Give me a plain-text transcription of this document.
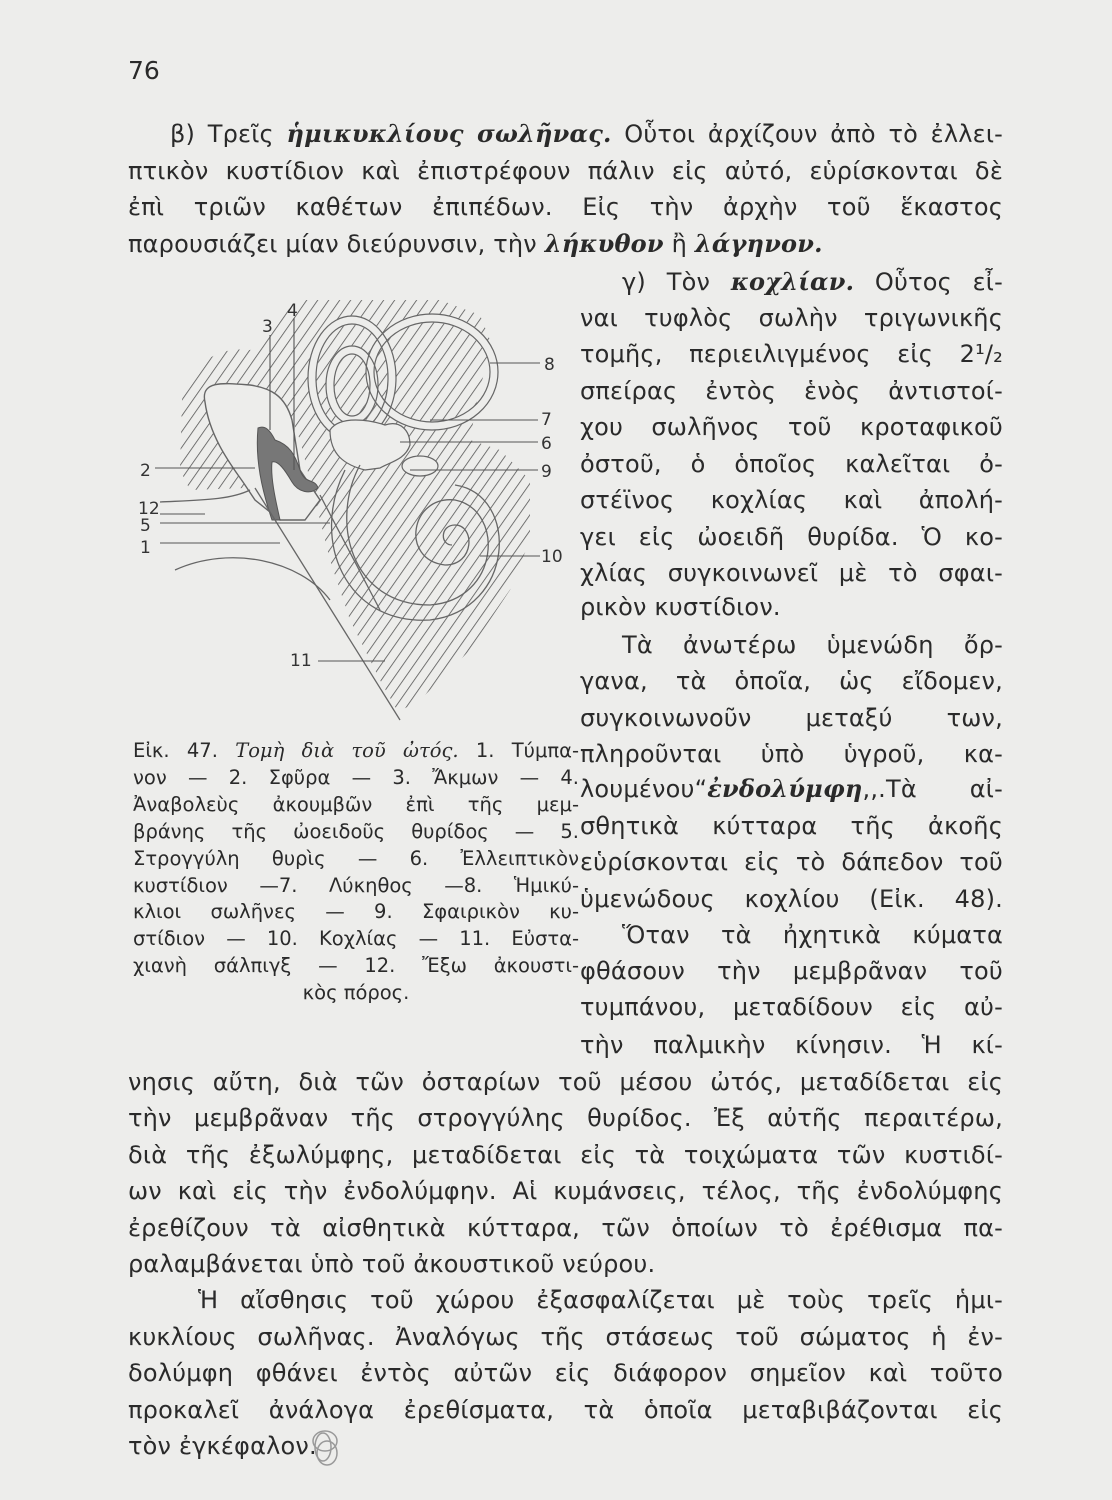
76
β) Τρεῖς ἡμικυκλίους σωλῆνας. Οὗτοι ἀρχίζουν ἀπὸ τὸ ἐλλει-
πτικὸν κυστίδιον καὶ ἐπιστρέφουν πάλιν εἰς αὐτό, εὑρίσκονται δὲ
ἐπὶ τριῶν καθέτων ἐπιπέδων. Εἰς τὴν ἀρχὴν τοῦ ἕκαστος
παρουσιάζει μίαν διεύρυνσιν, τὴν λήκυθον ἢ λάγηνον.
γ) Τὸν κοχλίαν. Οὗτος εἶ-
ναι τυφλὸς σωλὴν τριγωνικῆς
τομῆς, περιειλιγμένος εἰς 2¹/₂
σπείρας ἐντὸς ἑνὸς ἀντιστοί-
χου σωλῆνος τοῦ κροταφικοῦ
ὀστοῦ, ὁ ὁποῖος καλεῖται ὀ-
στέϊνος κοχλίας καὶ ἀπολή-
γει εἰς ὠοειδῆ θυρίδα. Ὁ κο-
χλίας συγκοινωνεῖ μὲ τὸ σφαι-
ρικὸν κυστίδιον.
Τὰ ἀνωτέρω ὑμενώδη ὄρ-
γανα, τὰ ὁποῖα, ὡς εἴδομεν,
συγκοινωνοῦν μεταξύ των,
πληροῦνται ὑπὸ ὑγροῦ, κα-
λουμένου“ἐνδολύμφη,,.Τὰ αἰ-
σθητικὰ κύτταρα τῆς ἀκοῆς
εὑρίσκονται εἰς τὸ δάπεδον τοῦ
ὑμενώδους κοχλίου (Εἰκ. 48).
Ὅταν τὰ ἠχητικὰ κύματα
φθάσουν τὴν μεμβρᾶναν τοῦ
τυμπάνου, μεταδίδουν εἰς αὐ-
τὴν παλμικὴν κίνησιν. Ἡ κί-
Εἰκ. 47. Τομὴ διὰ τοῦ ὠτός. 1. Τύμπα-
νον — 2. Σφῦρα — 3. Ἄκμων — 4.
Ἀναβολεὺς ἀκουμβῶν ἐπὶ τῆς μεμ-
βράνης τῆς ὠοειδοῦς θυρίδος — 5.
Στρογγύλη θυρὶς — 6. Ἐλλειπτικὸν
κυστίδιον —7. Λύκηθος —8. Ἡμικύ-
κλιοι σωλῆνες — 9. Σφαιρικὸν κυ-
στίδιον — 10. Κοχλίας — 11. Εὐστα-
χιανὴ σάλπιγξ — 12. Ἔξω ἀκουστι-
κὸς πόρος.
νησις αὔτη, διὰ τῶν ὀσταρίων τοῦ μέσου ὠτός, μεταδίδεται εἰς
τὴν μεμβρᾶναν τῆς στρογγύλης θυρίδος. Ἐξ αὐτῆς περαιτέρω,
διὰ τῆς ἐξωλύμφης, μεταδίδεται εἰς τὰ τοιχώματα τῶν κυστιδί-
ων καὶ εἰς τὴν ἐνδολύμφην. Αἱ κυμάνσεις, τέλος, τῆς ἐνδολύμφης
ἐρεθίζουν τὰ αἰσθητικὰ κύτταρα, τῶν ὁποίων τὸ ἐρέθισμα πα-
ραλαμβάνεται ὑπὸ τοῦ ἀκουστικοῦ νεύρου.
Ἡ αἴσθησις τοῦ χώρου ἐξασφαλίζεται μὲ τοὺς τρεῖς ἡμι-
κυκλίους σωλῆνας. Ἀναλόγως τῆς στάσεως τοῦ σώματος ἡ ἐν-
δολύμφη φθάνει ἐντὸς αὐτῶν εἰς διάφορον σημεῖον καὶ τοῦτο
προκαλεῖ ἀνάλογα ἐρεθίσματα, τὰ ὁποῖα μεταβιβάζονται εἰς
τὸν ἐγκέφαλον.
1
2
3
4
5
6
7
8
9
10
11
12
